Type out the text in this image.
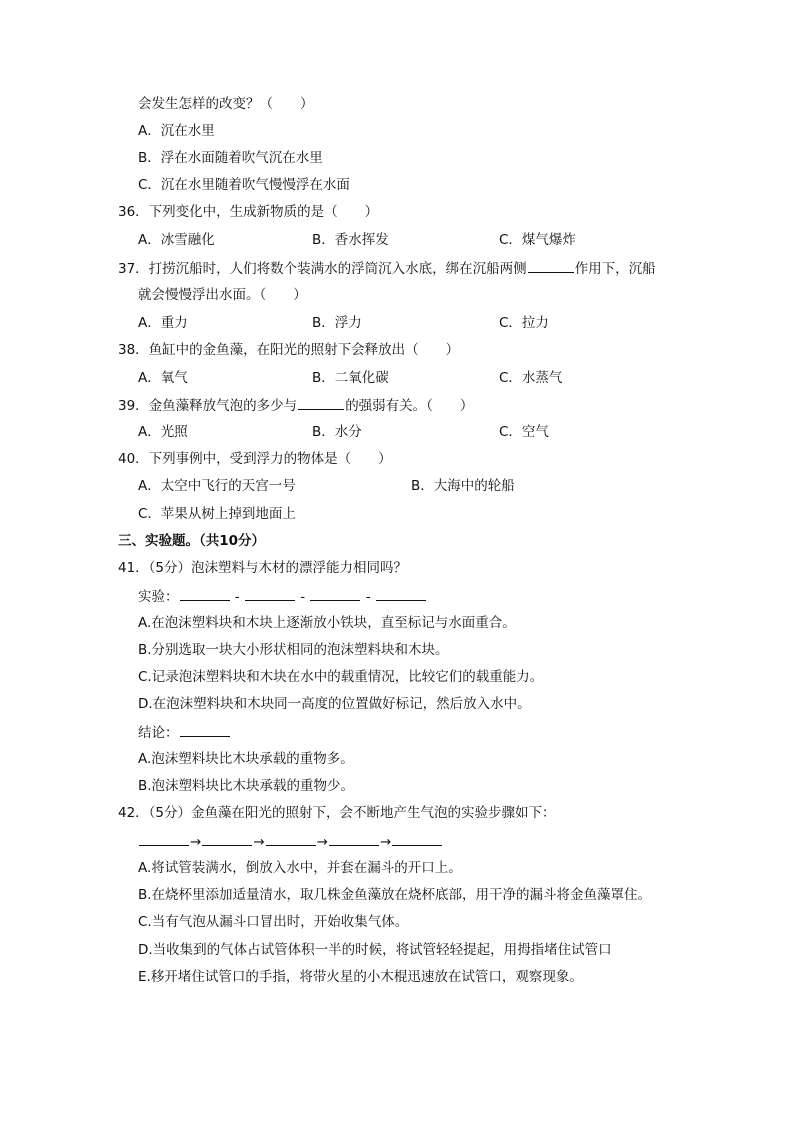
会发生怎样的改变？（　　）
A．沉在水里
B．浮在水面随着吹气沉在水里
C．沉在水里随着吹气慢慢浮在水面
36．下列变化中，生成新物质的是（　　）
A．冰雪融化	B．香水挥发	C．煤气爆炸
37．打捞沉船时，人们将数个装满水的浮筒沉入水底，绑在沉船两侧	作用下，沉船
就会慢慢浮出水面。（　　）
A．重力	B．浮力	C．拉力
38．鱼缸中的金鱼藻，在阳光的照射下会释放出（　　）
A．氧气	B．二氧化碳	C．水蒸气
39．金鱼藻释放气泡的多少与	的强弱有关。（　　）
A．光照	B．水分	C．空气
40．下列事例中，受到浮力的物体是（　　）
A．太空中飞行的天宫一号	B．大海中的轮船
C．苹果从树上掉到地面上
三、实验题。（共10分）
41．（5分）泡沫塑料与木材的漂浮能力相同吗？
实验：	-	-	-
A.在泡沫塑料块和木块上逐渐放小铁块，直至标记与水面重合。
B.分别选取一块大小形状相同的泡沫塑料块和木块。
C.记录泡沫塑料块和木块在水中的载重情况，比较它们的载重能力。
D.在泡沫塑料块和木块同一高度的位置做好标记，然后放入水中。
结论：
A.泡沫塑料块比木块承载的重物多。
B.泡沫塑料块比木块承载的重物少。
42．（5分）金鱼藻在阳光的照射下，会不断地产生气泡的实验步骤如下：
→	→	→	→
A.将试管装满水，倒放入水中，并套在漏斗的开口上。
B.在烧杯里添加适量清水，取几株金鱼藻放在烧杯底部，用干净的漏斗将金鱼藻罩住。
C.当有气泡从漏斗口冒出时，开始收集气体。
D.当收集到的气体占试管体积一半的时候，将试管轻轻提起，用拇指堵住试管口
E.移开堵住试管口的手指，将带火星的小木棍迅速放在试管口，观察现象。
